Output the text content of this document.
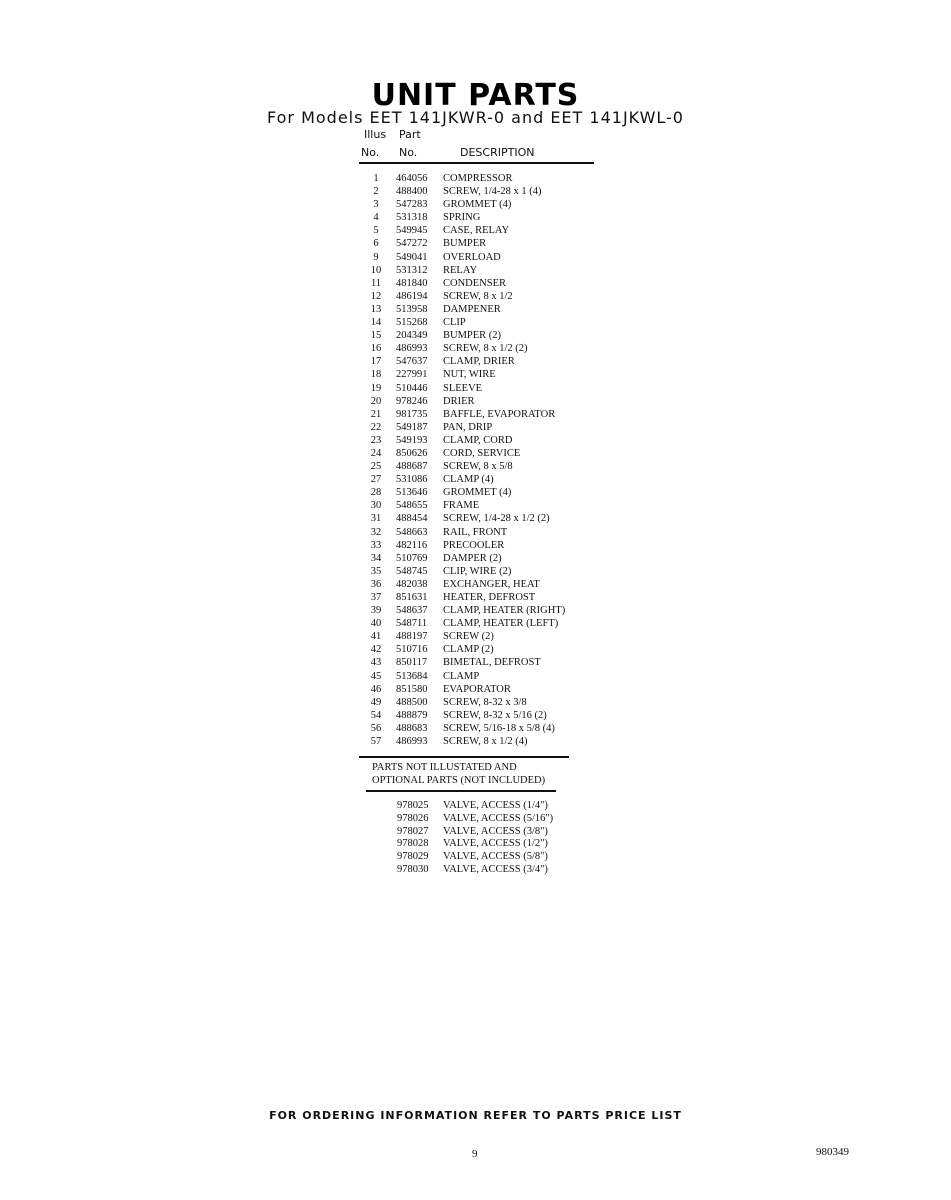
UNIT PARTS
For Models EET 141JKWR-0 and EET 141JKWL-0
Illus Part
No. No.	DESCRIPTION
1	464056	COMPRESSOR
2	488400	SCREW, 1/4-28 x 1 (4)
3	547283	GROMMET (4)
4	531318	SPRING
5	549945	CASE, RELAY
6	547272	BUMPER
9	549041	OVERLOAD
10	531312	RELAY
11	481840	CONDENSER
12	486194	SCREW, 8 x 1/2
13	513958	DAMPENER
14	515268	CLIP
15	204349	BUMPER (2)
16	486993	SCREW, 8 x 1/2 (2)
17	547637	CLAMP, DRIER
18	227991	NUT, WIRE
19	510446	SLEEVE
20	978246	DRIER
21	981735	BAFFLE, EVAPORATOR
22	549187	PAN, DRIP
23	549193	CLAMP, CORD
24	850626	CORD, SERVICE
25	488687	SCREW, 8 x 5/8
27	531086	CLAMP (4)
28	513646	GROMMET (4)
30	548655	FRAME
31	488454	SCREW, 1/4-28 x 1/2 (2)
32	548663	RAIL, FRONT
33	482116	PRECOOLER
34	510769	DAMPER (2)
35	548745	CLIP, WIRE (2)
36	482038	EXCHANGER, HEAT
37	851631	HEATER, DEFROST
39	548637	CLAMP, HEATER (RIGHT)
40	548711	CLAMP, HEATER (LEFT)
41	488197	SCREW (2)
42	510716	CLAMP (2)
43	850117	BIMETAL, DEFROST
45	513684	CLAMP
46	851580	EVAPORATOR
49	488500	SCREW, 8-32 x 3/8
54	488879	SCREW, 8-32 x 5/16 (2)
56	488683	SCREW, 5/16-18 x 5/8 (4)
57	486993	SCREW, 8 x 1/2 (4)
PARTS NOT ILLUSTATED AND
OPTIONAL PARTS (NOT INCLUDED)
978025	VALVE, ACCESS (1/4")
978026	VALVE, ACCESS (5/16")
978027	VALVE, ACCESS (3/8")
978028	VALVE, ACCESS (1/2")
978029	VALVE, ACCESS (5/8")
978030	VALVE, ACCESS (3/4")
FOR ORDERING INFORMATION REFER TO PARTS PRICE LIST
9	980349
